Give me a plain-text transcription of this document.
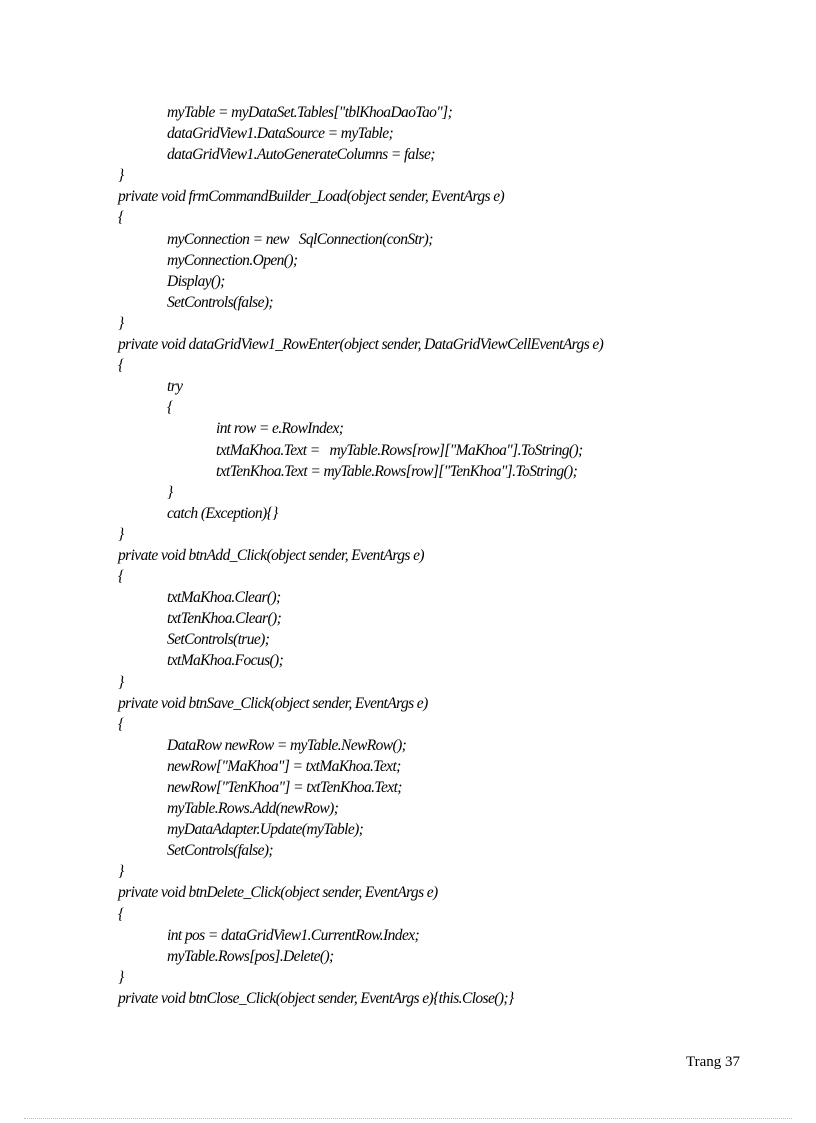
myTable = myDataSet.Tables["tblKhoaDaoTao"];
dataGridView1.DataSource = myTable;
dataGridView1.AutoGenerateColumns = false;
}
private void frmCommandBuilder_Load(object sender, EventArgs e)
{
myConnection = new   SqlConnection(conStr);
myConnection.Open();
Display();
SetControls(false);
}
private void dataGridView1_RowEnter(object sender, DataGridViewCellEventArgs e)
{
try
{
int row = e.RowIndex;
txtMaKhoa.Text =   myTable.Rows[row]["MaKhoa"].ToString();
txtTenKhoa.Text = myTable.Rows[row]["TenKhoa"].ToString();
}
catch (Exception){}
}
private void btnAdd_Click(object sender, EventArgs e)
{
txtMaKhoa.Clear();
txtTenKhoa.Clear();
SetControls(true);
txtMaKhoa.Focus();
}
private void btnSave_Click(object sender, EventArgs e)
{
DataRow newRow = myTable.NewRow();
newRow["MaKhoa"] = txtMaKhoa.Text;
newRow["TenKhoa"] = txtTenKhoa.Text;
myTable.Rows.Add(newRow);
myDataAdapter.Update(myTable);
SetControls(false);
}
private void btnDelete_Click(object sender, EventArgs e)
{
int pos = dataGridView1.CurrentRow.Index;
myTable.Rows[pos].Delete();
}
private void btnClose_Click(object sender, EventArgs e){this.Close();}
Trang 37
